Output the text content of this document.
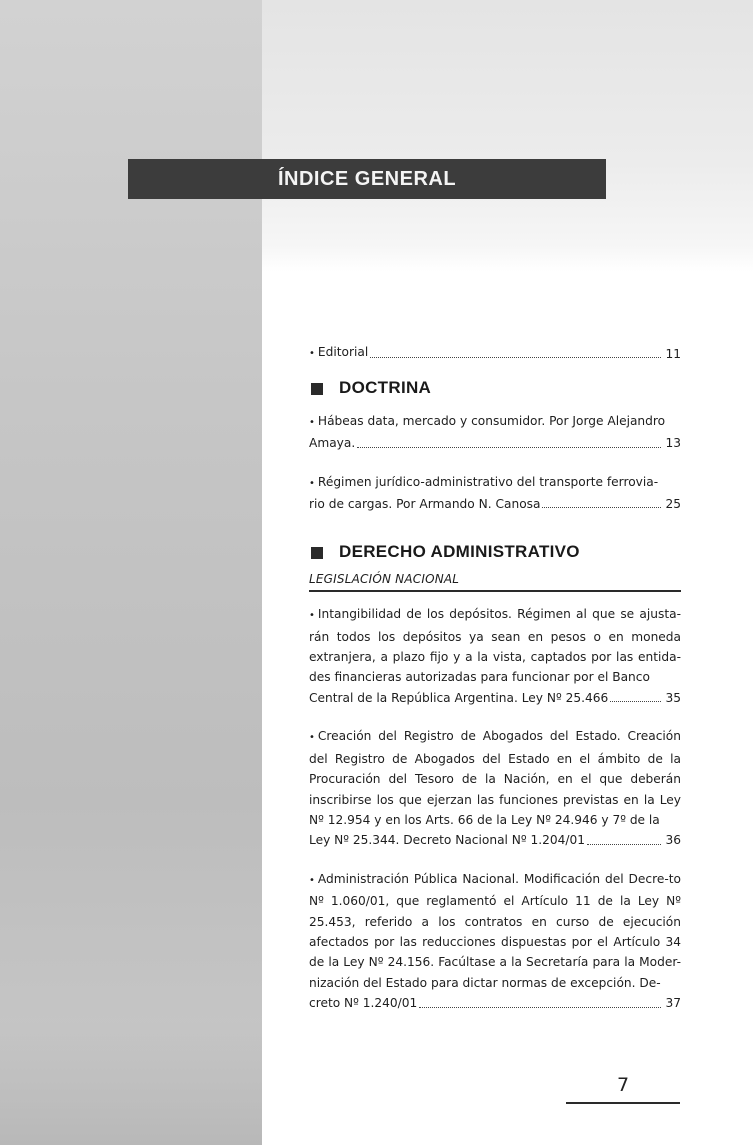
ÍNDICE GENERAL
• Editorial	11
DOCTRINA
• Hábeas data, mercado y consumidor. Por Jorge Alejandro
Amaya.	13
• Régimen jurídico-administrativo del transporte ferrovia-
rio de cargas. Por Armando N. Canosa	25
DERECHO ADMINISTRATIVO
LEGISLACIÓN NACIONAL
• Intangibilidad de los depósitos. Régimen al que se ajusta-rán todos los depósitos ya sean en pesos o en moneda extranjera, a plazo fijo y a la vista, captados por las entida-des financieras autorizadas para funcionar por el Banco
Central de la República Argentina. Ley Nº 25.466	35
• Creación del Registro de Abogados del Estado. Creación del Registro de Abogados del Estado en el ámbito de la Procuración del Tesoro de la Nación, en el que deberán inscribirse los que ejerzan las funciones previstas en la Ley Nº 12.954 y en los Arts. 66 de la Ley Nº 24.946 y 7º de la
Ley Nº 25.344. Decreto Nacional Nº 1.204/01	36
• Administración Pública Nacional. Modificación del Decre-to Nº 1.060/01, que reglamentó el Artículo 11 de la Ley Nº 25.453, referido a los contratos en curso de ejecución afectados por las reducciones dispuestas por el Artículo 34 de la Ley Nº 24.156. Facúltase a la Secretaría para la Moder-nización del Estado para dictar normas de excepción. De-
creto Nº 1.240/01	37
7
